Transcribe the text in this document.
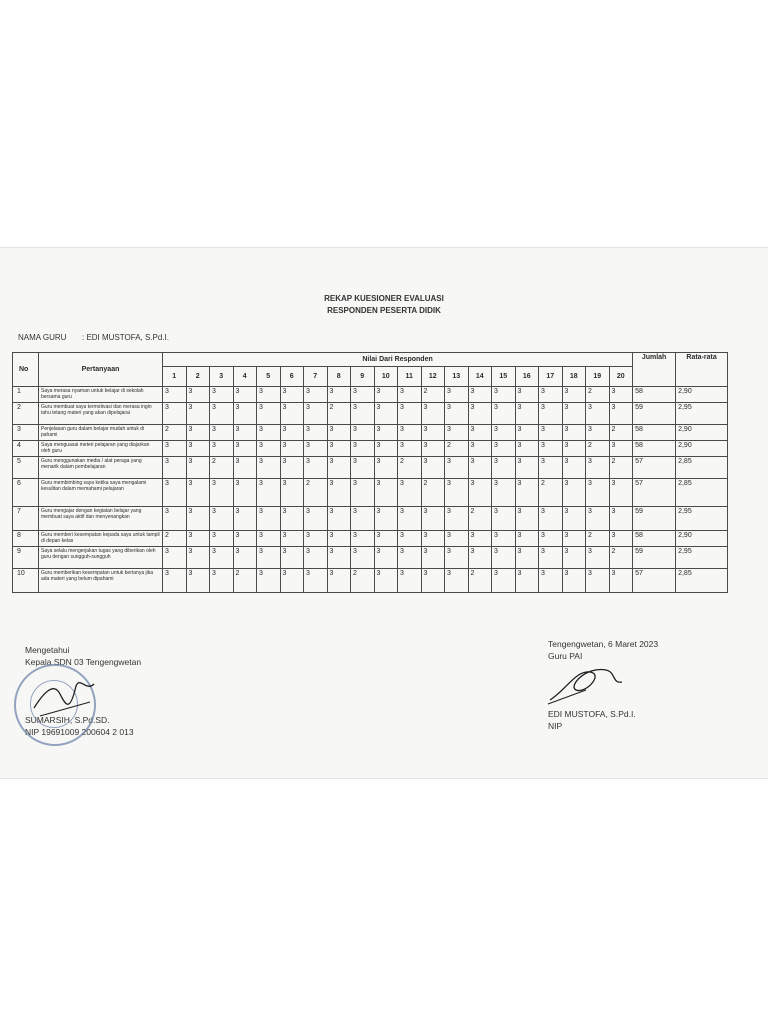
REKAP KUESIONER EVALUASI
RESPONDEN PESERTA DIDIK
NAMA GURU : EDI MUSTOFA, S.Pd.I.
No	Pertanyaan	Nilai Dari Responden																				Jumlah	Rata-rata
		1	2	3	4	5	6	7	8	9	10	11	12	13	14	15	16	17	18	19	20		
1	Saya merasa nyaman untuk belajar di sekolah bersama guru	3	3	3	3	3	3	3	3	3	3	3	2	3	3	3	3	3	3	2	3	58	2,90
2	Guru membuat saya termotivasi dan merasa ingin tahu tetang materi yang akan dipelajarai	3	3	3	3	3	3	3	2	3	3	3	3	3	3	3	3	3	3	3	3	59	2,95
3	Penjelasan guru dalam belajar mudah untuk di pahami	2	3	3	3	3	3	3	3	3	3	3	3	3	3	3	3	3	3	3	2	58	2,90
4	Saya menguasai meteri pelajaran yang diajarkan oleh guru	3	3	3	3	3	3	3	3	3	3	3	3	2	3	3	3	3	3	2	3	58	2,90
5	Guru menggunakan media / alat peraga yang menarik dalam pembelajaran	3	3	2	3	3	3	3	3	3	3	2	3	3	3	3	3	3	3	3	2	57	2,85
6	Guru membimbing saya ketika saya mengalami kesulitan dalam memahami pelajaran	3	3	3	3	3	3	2	3	3	3	3	2	3	3	3	3	2	3	3	3	57	2,85
7	Guru mengajar dengan kegiatan belajar yang membuat saya aktif dan menyenangkan	3	3	3	3	3	3	3	3	3	3	3	3	3	2	3	3	3	3	3	3	59	2,95
8	Guru memberi kesempatan kepada saya untuk tampil di depan kelas	2	3	3	3	3	3	3	3	3	3	3	3	3	3	3	3	3	3	2	3	58	2,90
9	Saya selalu mengerjakan tugas yang diberikan oleh guru dengan sungguh-sungguh	3	3	3	3	3	3	3	3	3	3	3	3	3	3	3	3	3	3	3	2	59	2,95
10	Guru memberikan kesempatan untuk bertanya jika ada materi yang belum dipahami	3	3	3	2	3	3	3	3	2	3	3	3	3	2	3	3	3	3	3	3	57	2,85
Mengetahui
Kepala SDN 03 Tengengwetan
SUMARSIH, S.Pd.SD.
NIP 19691009 200604 2 013
Tengengwetan, 6 Maret 2023
Guru PAI
EDI MUSTOFA, S.Pd.I.
NIP
